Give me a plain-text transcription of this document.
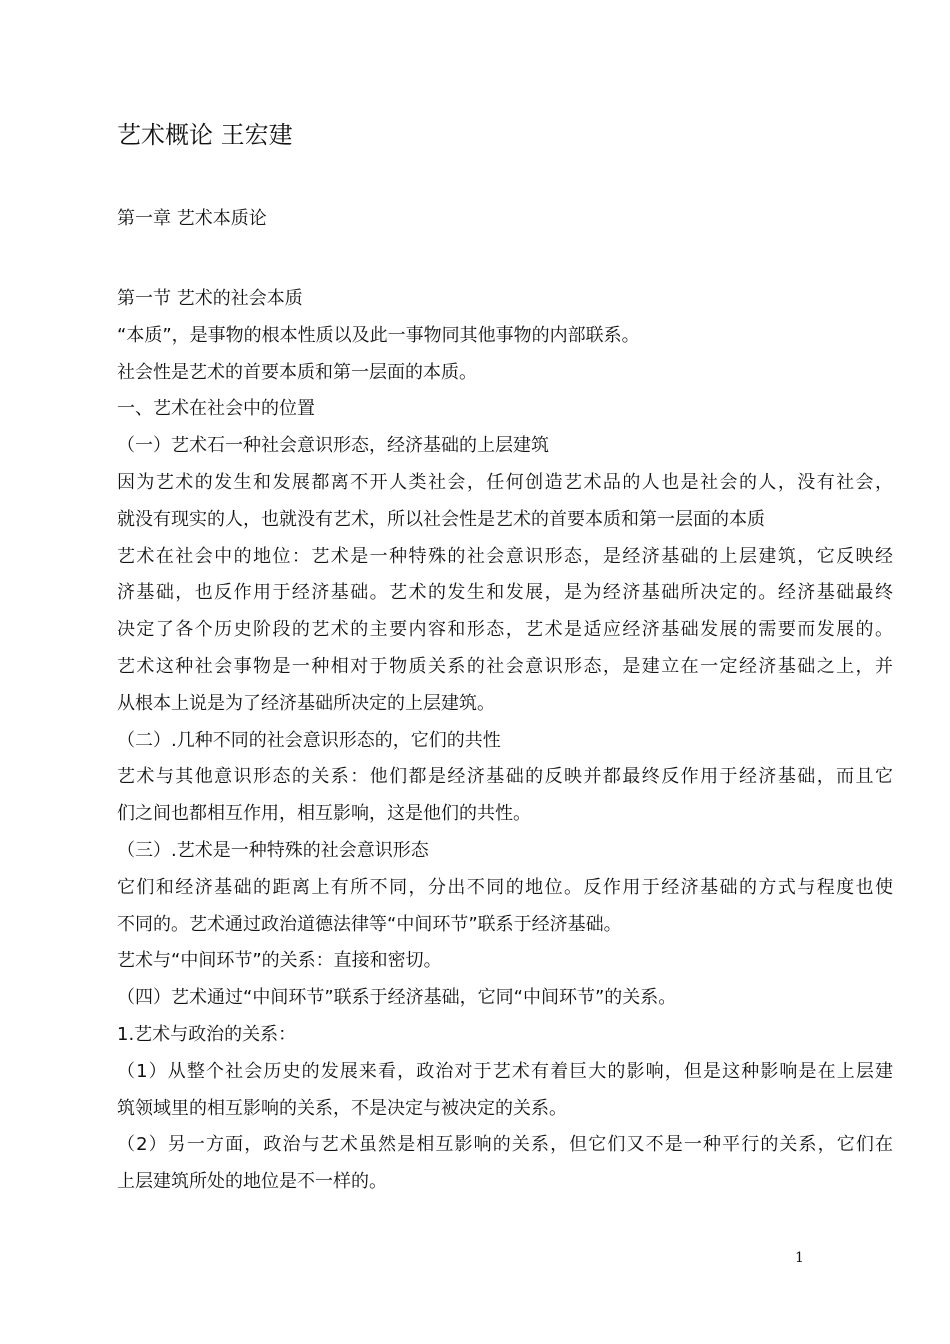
艺术概论 王宏建
第一章 艺术本质论
第一节 艺术的社会本质
“本质”，是事物的根本性质以及此一事物同其他事物的内部联系。
社会性是艺术的首要本质和第一层面的本质。
一、艺术在社会中的位置
（一）艺术石一种社会意识形态，经济基础的上层建筑
因为艺术的发生和发展都离不开人类社会，任何创造艺术品的人也是社会的人，没有社会，
就没有现实的人，也就没有艺术，所以社会性是艺术的首要本质和第一层面的本质
艺术在社会中的地位：艺术是一种特殊的社会意识形态，是经济基础的上层建筑，它反映经
济基础，也反作用于经济基础。艺术的发生和发展，是为经济基础所决定的。经济基础最终
决定了各个历史阶段的艺术的主要内容和形态，艺术是适应经济基础发展的需要而发展的。
艺术这种社会事物是一种相对于物质关系的社会意识形态，是建立在一定经济基础之上，并
从根本上说是为了经济基础所决定的上层建筑。
（二）.几种不同的社会意识形态的，它们的共性
艺术与其他意识形态的关系：他们都是经济基础的反映并都最终反作用于经济基础，而且它
们之间也都相互作用，相互影响，这是他们的共性。
（三）.艺术是一种特殊的社会意识形态
它们和经济基础的距离上有所不同，分出不同的地位。反作用于经济基础的方式与程度也使
不同的。艺术通过政治道德法律等“中间环节”联系于经济基础。
艺术与“中间环节”的关系：直接和密切。
（四）艺术通过“中间环节”联系于经济基础，它同“中间环节”的关系。
1.艺术与政治的关系：
（1）从整个社会历史的发展来看，政治对于艺术有着巨大的影响，但是这种影响是在上层建
筑领域里的相互影响的关系，不是决定与被决定的关系。
（2）另一方面，政治与艺术虽然是相互影响的关系，但它们又不是一种平行的关系，它们在
上层建筑所处的地位是不一样的。
1
